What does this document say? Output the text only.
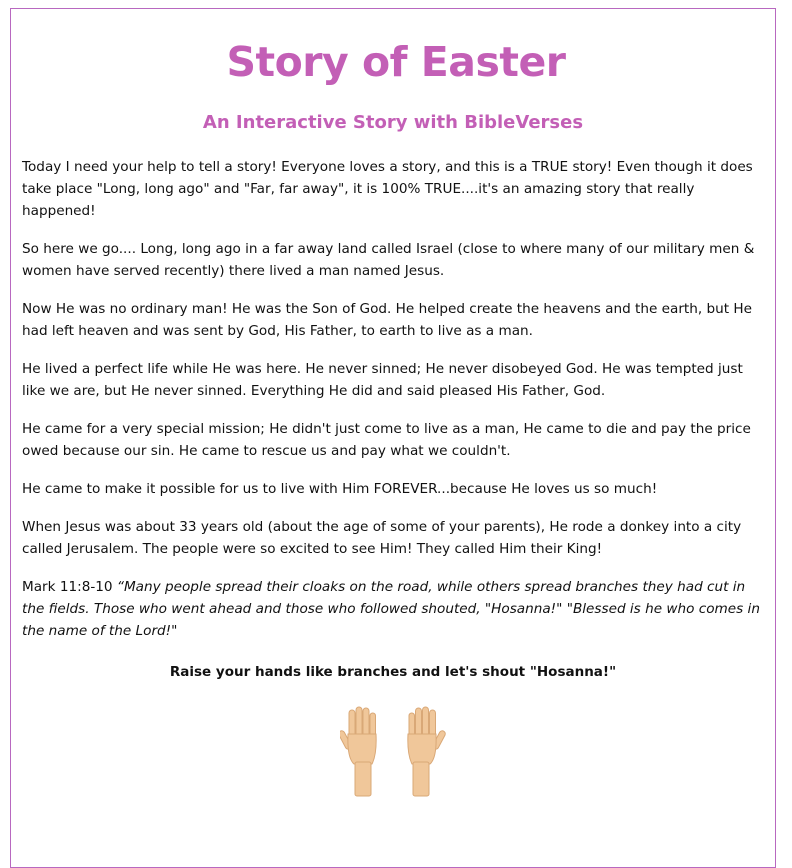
Story of Easter
An Interactive Story with BibleVerses

Today I need your help to tell a story! Everyone loves a story, and this is a TRUE story! Even though it does take place "Long, long ago" and "Far, far away", it is 100% TRUE....it's an amazing story that really happened!

So here we go.... Long, long ago in a far away land called Israel (close to where many of our military men & women have served recently) there lived a man named Jesus.

Now He was no ordinary man! He was the Son of God. He helped create the heavens and the earth, but He had left heaven and was sent by God, His Father, to earth to live as a man.

He lived a perfect life while He was here. He never sinned; He never disobeyed God. He was tempted just like we are, but He never sinned. Everything He did and said pleased His Father, God.

He came for a very special mission; He didn't just come to live as a man, He came to die and pay the price owed because our sin. He came to rescue us and pay what we couldn't.

He came to make it possible for us to live with Him FOREVER...because He loves us so much!

When Jesus was about 33 years old (about the age of some of your parents), He rode a donkey into a city called Jerusalem. The people were so excited to see Him! They called Him their King!

Mark 11:8-10 “Many people spread their cloaks on the road, while others spread branches they had cut in the fields. Those who went ahead and those who followed shouted, "Hosanna!" "Blessed is he who comes in the name of the Lord!"

Raise your hands like branches and let's shout "Hosanna!"
